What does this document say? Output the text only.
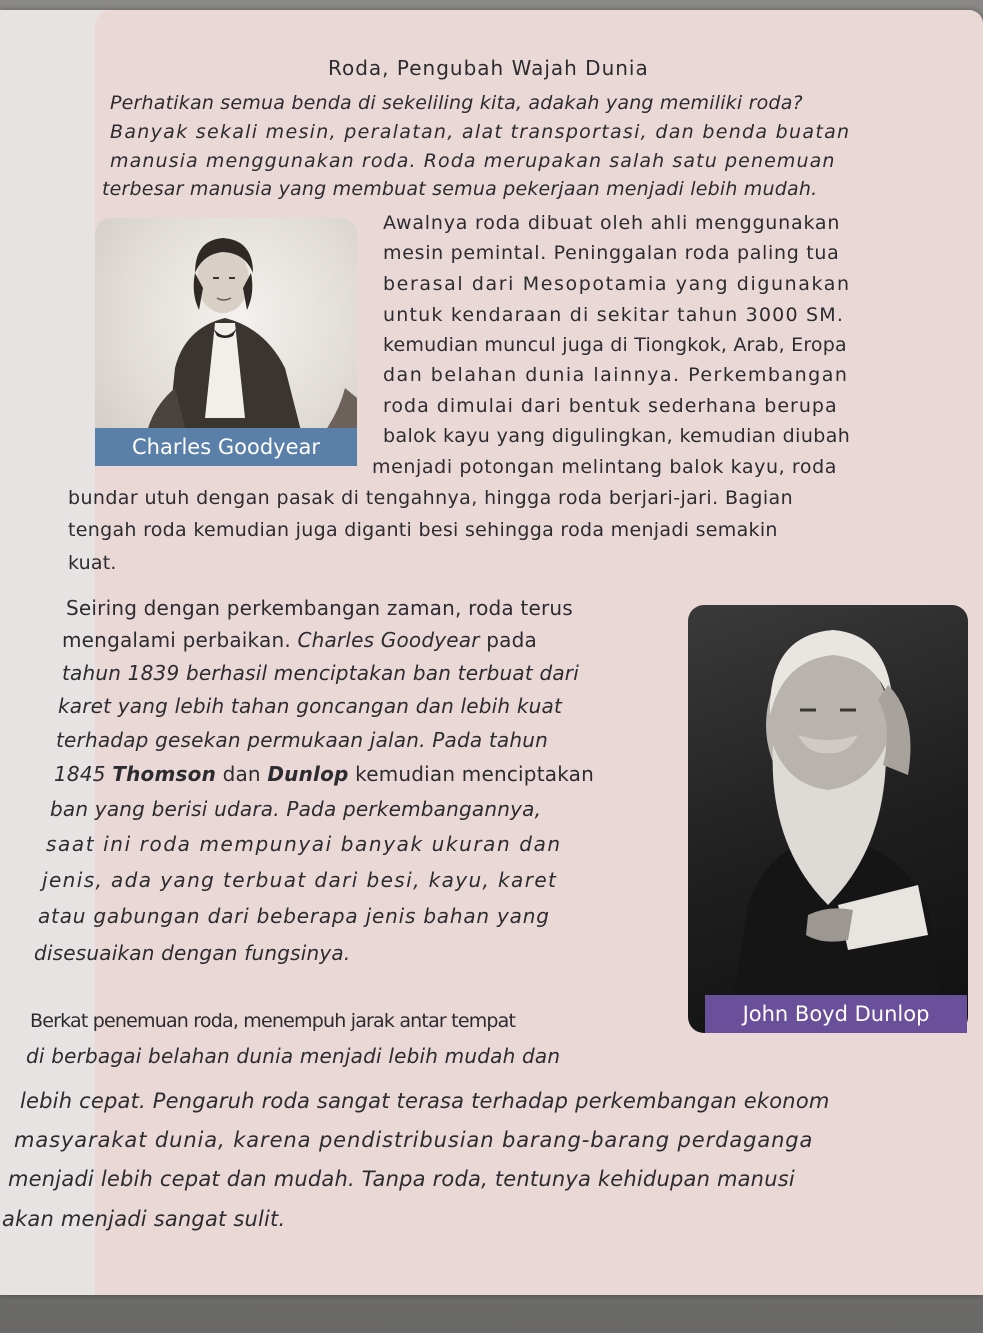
Roda, Pengubah Wajah Dunia
Perhatikan semua benda di sekeliling kita, adakah yang memiliki roda?
Banyak sekali mesin, peralatan, alat transportasi, dan benda buatan
manusia menggunakan roda. Roda merupakan salah satu penemuan
terbesar manusia yang membuat semua pekerjaan menjadi lebih mudah.
Charles Goodyear
Awalnya roda dibuat oleh ahli menggunakan
mesin pemintal. Peninggalan roda paling tua
berasal dari Mesopotamia yang digunakan
untuk kendaraan di sekitar tahun 3000 SM.
kemudian muncul juga di Tiongkok, Arab, Eropa
dan belahan dunia lainnya. Perkembangan
roda dimulai dari bentuk sederhana berupa
balok kayu yang digulingkan, kemudian diubah
menjadi potongan melintang balok kayu, roda
bundar utuh dengan pasak di tengahnya, hingga roda berjari-jari. Bagian
tengah roda kemudian juga diganti besi sehingga roda menjadi semakin
kuat.
Seiring dengan perkembangan zaman, roda terus
mengalami perbaikan. Charles Goodyear pada
tahun 1839 berhasil menciptakan ban terbuat dari
karet yang lebih tahan goncangan dan lebih kuat
terhadap gesekan permukaan jalan. Pada tahun
1845 Thomson dan Dunlop kemudian menciptakan
ban yang berisi udara. Pada perkembangannya,
saat ini roda mempunyai banyak ukuran dan
jenis, ada yang terbuat dari besi, kayu, karet
atau gabungan dari beberapa jenis bahan yang
disesuaikan dengan fungsinya.
John Boyd Dunlop
Berkat penemuan roda, menempuh jarak antar tempat
di berbagai belahan dunia menjadi lebih mudah dan
lebih cepat. Pengaruh roda sangat terasa terhadap perkembangan ekonom
masyarakat dunia, karena pendistribusian barang-barang perdaganga
menjadi lebih cepat dan mudah. Tanpa roda, tentunya kehidupan manusi
akan menjadi sangat sulit.
